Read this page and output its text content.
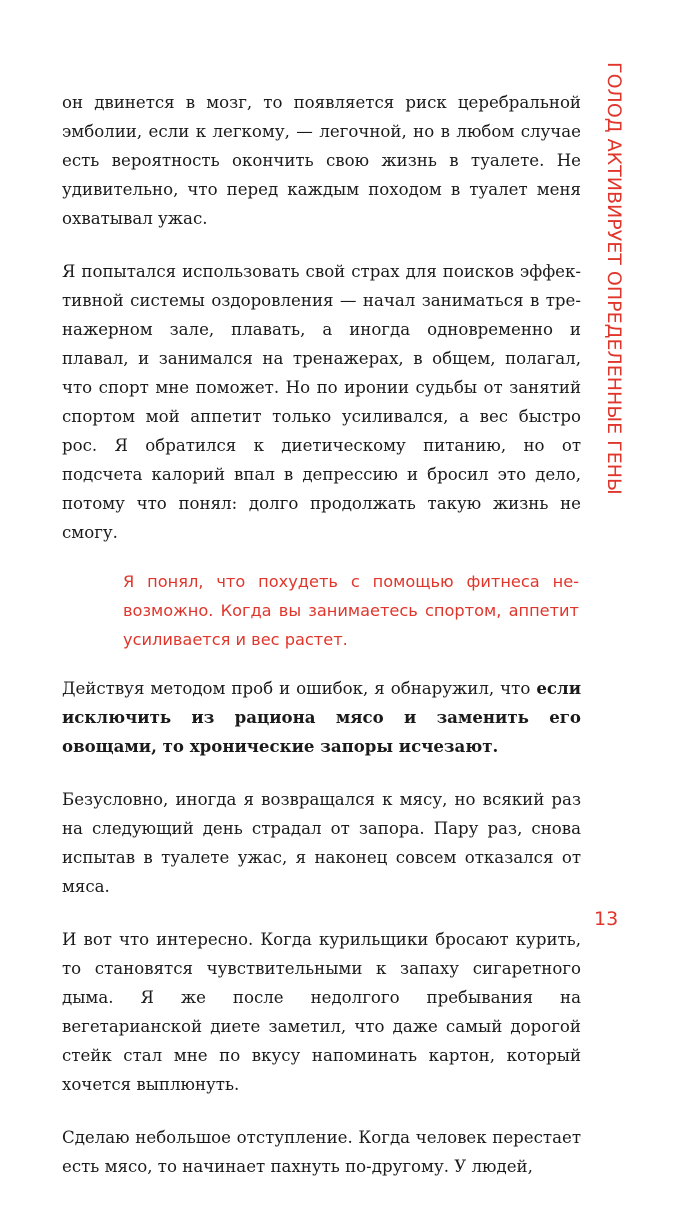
он двинется в мозг, то появляется риск церебральной эмболии, если к легкому, — легочной, но в любом случае есть вероятность окончить свою жизнь в туалете. Не удивительно, что перед каждым походом в туалет меня охватывал ужас.

Я попытался использовать свой страх для поисков эффективной системы оздоровления — начал заниматься в тренажерном зале, плавать, а иногда одновременно и плавал, и занимался на тренажерах, в общем, полагал, что спорт мне поможет. Но по иронии судьбы от занятий спортом мой аппетит только усиливался, а вес быстро рос. Я обратился к диетическому питанию, но от подсчета калорий впал в депрессию и бросил это дело, потому что понял: долго продолжать такую жизнь не смогу.

Я понял, что похудеть с помощью фитнеса невозможно. Когда вы занимаетесь спортом, аппетит усиливается и вес растет.

Действуя методом проб и ошибок, я обнаружил, что если исключить из рациона мясо и заменить его овощами, то хронические запоры исчезают.

Безусловно, иногда я возвращался к мясу, но всякий раз на следующий день страдал от запора. Пару раз, снова испытав в туалете ужас, я наконец совсем отказался от мяса.

И вот что интересно. Когда курильщики бросают курить, то становятся чувствительными к запаху сигаретного дыма. Я же после недолгого пребывания на вегетарианской диете заметил, что даже самый дорогой стейк стал мне по вкусу напоминать картон, который хочется выплюнуть.

Сделаю небольшое отступление. Когда человек перестает есть мясо, то начинает пахнуть по-другому. У людей,

ГОЛОД АКТИВИРУЕТ ОПРЕДЕЛЕННЫЕ ГЕНЫ
13
